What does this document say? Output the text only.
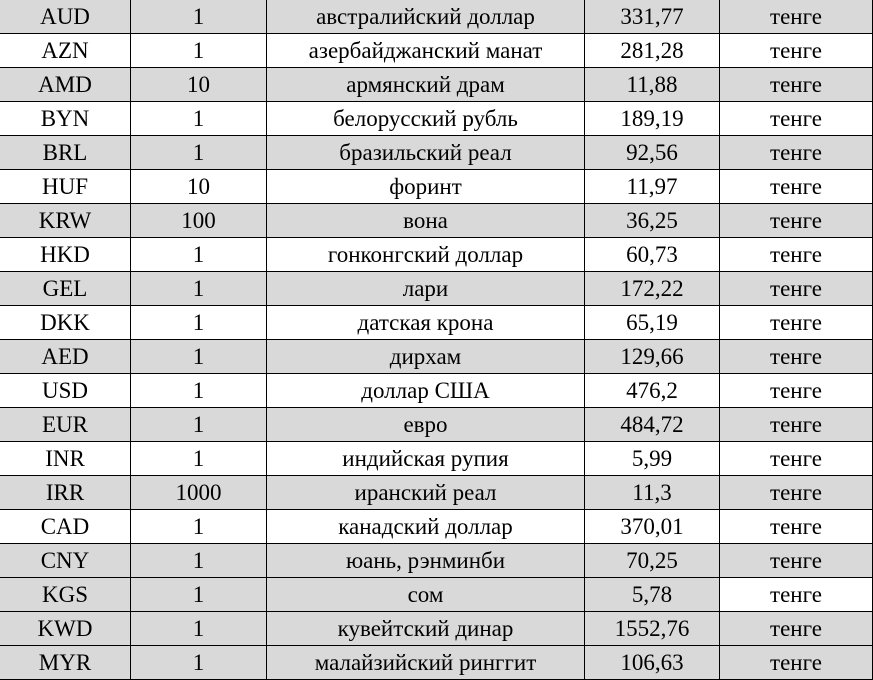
AUD	1	австралийский доллар	331,77	тенге
AZN	1	азербайджанский манат	281,28	тенге
AMD	10	армянский драм	11,88	тенге
BYN	1	белорусский рубль	189,19	тенге
BRL	1	бразильский реал	92,56	тенге
HUF	10	форинт	11,97	тенге
KRW	100	вона	36,25	тенге
HKD	1	гонконгский доллар	60,73	тенге
GEL	1	лари	172,22	тенге
DKK	1	датская крона	65,19	тенге
AED	1	дирхам	129,66	тенге
USD	1	доллар США	476,2	тенге
EUR	1	евро	484,72	тенге
INR	1	индийская рупия	5,99	тенге
IRR	1000	иранский реал	11,3	тенге
CAD	1	канадский доллар	370,01	тенге
CNY	1	юань, рэнминби	70,25	тенге
KGS	1	сом	5,78	тенге
KWD	1	кувейтский динар	1552,76	тенге
MYR	1	малайзийский ринггит	106,63	тенге
